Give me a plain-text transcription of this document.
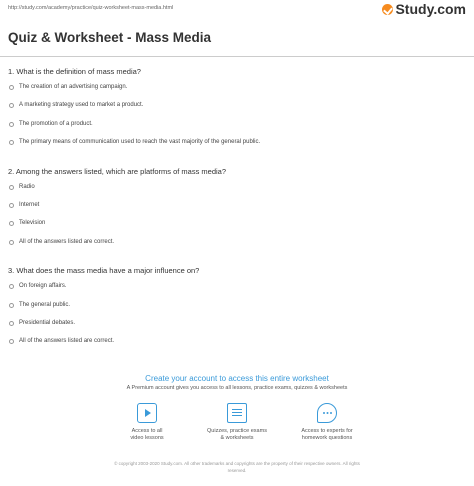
http://study.com/academy/practice/quiz-worksheet-mass-media.html	Study.com
Quiz & Worksheet - Mass Media
1. What is the definition of mass media?
The creation of an advertising campaign.
A marketing strategy used to market a product.
The promotion of a product.
The primary means of communication used to reach the vast majority of the general public.
2. Among the answers listed, which are platforms of mass media?
Radio
Internet
Television
All of the answers listed are correct.
3. What does the mass media have a major influence on?
On foreign affairs.
The general public.
Presidential debates.
All of the answers listed are correct.
Create your account to access this entire worksheet
A Premium account gives you access to all lessons, practice exams, quizzes & worksheets
Access to all
video lessons
Quizzes, practice exams
& worksheets
Access to experts for
homework questions
© copyright 2003-2020 Study.com. All other trademarks and copyrights are the property of their respective owners. All rights
reserved.
